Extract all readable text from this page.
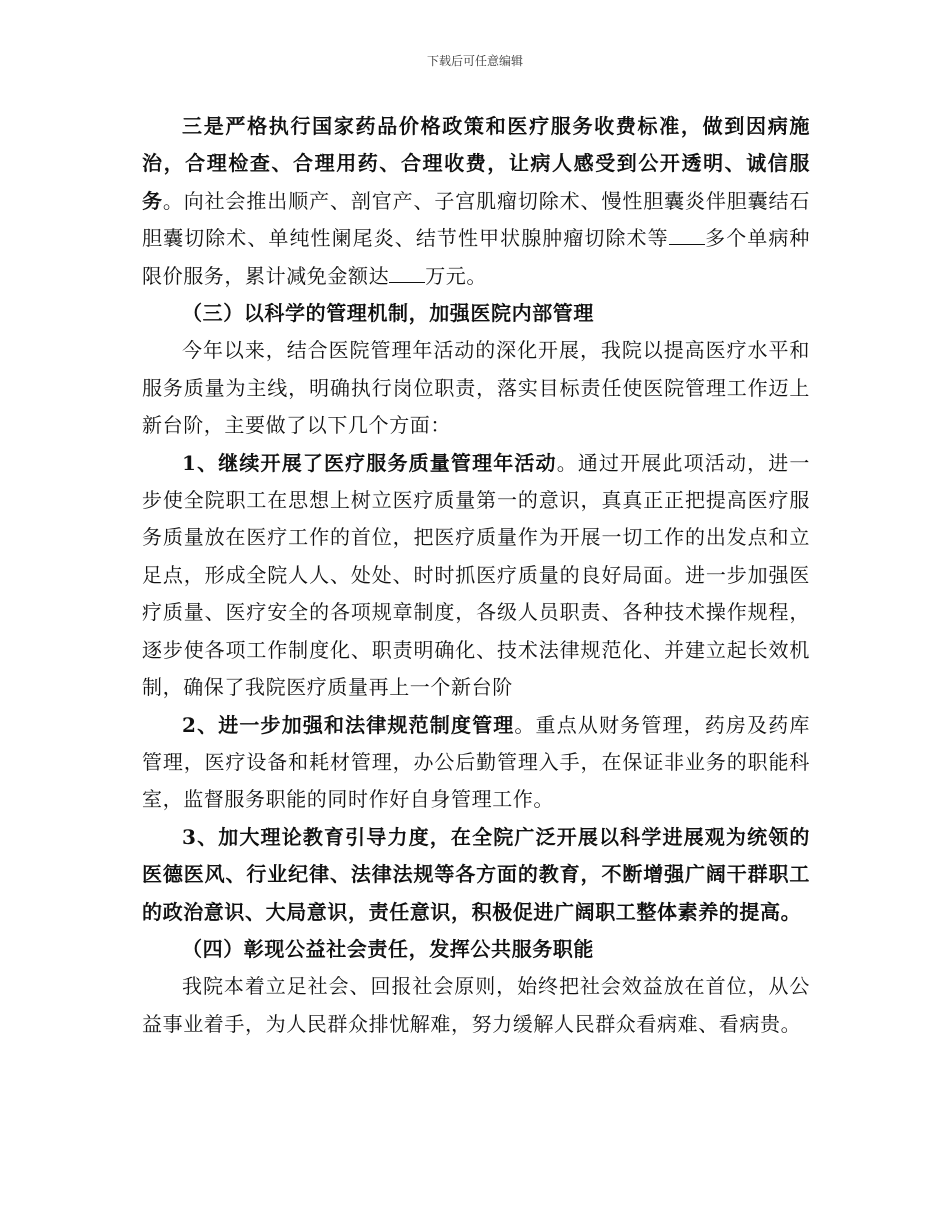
下载后可任意编辑

三是严格执行国家药品价格政策和医疗服务收费标准，做到因病施治，合理检查、合理用药、合理收费，让病人感受到公开透明、诚信服务。向社会推出顺产、剖官产、子宫肌瘤切除术、慢性胆囊炎伴胆囊结石胆囊切除术、单纯性阑尾炎、结节性甲状腺肿瘤切除术等 多个单病种限价服务，累计减免金额达 万元。

（三）以科学的管理机制，加强医院内部管理

今年以来，结合医院管理年活动的深化开展，我院以提高医疗水平和服务质量为主线，明确执行岗位职责，落实目标责任使医院管理工作迈上新台阶，主要做了以下几个方面：

1、继续开展了医疗服务质量管理年活动。通过开展此项活动，进一步使全院职工在思想上树立医疗质量第一的意识，真真正正把提高医疗服务质量放在医疗工作的首位，把医疗质量作为开展一切工作的出发点和立足点，形成全院人人、处处、时时抓医疗质量的良好局面。进一步加强医疗质量、医疗安全的各项规章制度，各级人员职责、各种技术操作规程，逐步使各项工作制度化、职责明确化、技术法律规范化、并建立起长效机制，确保了我院医疗质量再上一个新台阶

2、进一步加强和法律规范制度管理。重点从财务管理，药房及药库管理，医疗设备和耗材管理，办公后勤管理入手，在保证非业务的职能科室，监督服务职能的同时作好自身管理工作。

3、加大理论教育引导力度，在全院广泛开展以科学进展观为统领的医德医风、行业纪律、法律法规等各方面的教育，不断增强广阔干群职工的政治意识、大局意识，责任意识，积极促进广阔职工整体素养的提高。

（四）彰现公益社会责任，发挥公共服务职能

我院本着立足社会、回报社会原则，始终把社会效益放在首位，从公益事业着手，为人民群众排忧解难，努力缓解人民群众看病难、看病贵。
